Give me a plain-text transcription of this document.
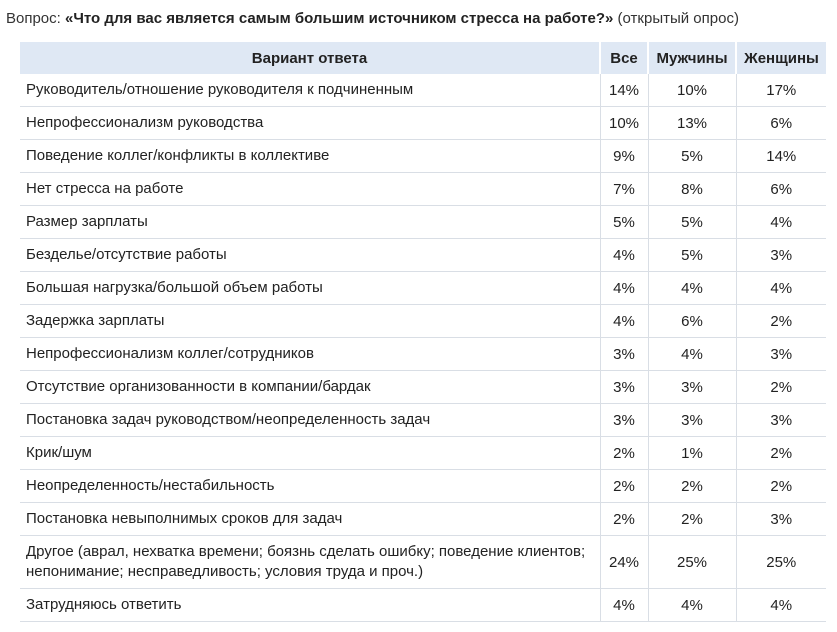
Вопрос: «Что для вас является самым большим источником стресса на работе?» (открытый опрос)
Вариант ответа	Все	Мужчины	Женщины
Руководитель/отношение руководителя к подчиненным	14%	10%	17%
Непрофессионализм руководства	10%	13%	6%
Поведение коллег/конфликты в коллективе	9%	5%	14%
Нет стресса на работе	7%	8%	6%
Размер зарплаты	5%	5%	4%
Безделье/отсутствие работы	4%	5%	3%
Большая нагрузка/большой объем работы	4%	4%	4%
Задержка зарплаты	4%	6%	2%
Непрофессионализм коллег/сотрудников	3%	4%	3%
Отсутствие организованности в компании/бардак	3%	3%	2%
Постановка задач руководством/неопределенность задач	3%	3%	3%
Крик/шум	2%	1%	2%
Неопределенность/нестабильность	2%	2%	2%
Постановка невыполнимых сроков для задач	2%	2%	3%
Другое (аврал, нехватка времени; боязнь сделать ошибку; поведение клиентов; непонимание; несправедливость; условия труда и проч.)	24%	25%	25%
Затрудняюсь ответить	4%	4%	4%
